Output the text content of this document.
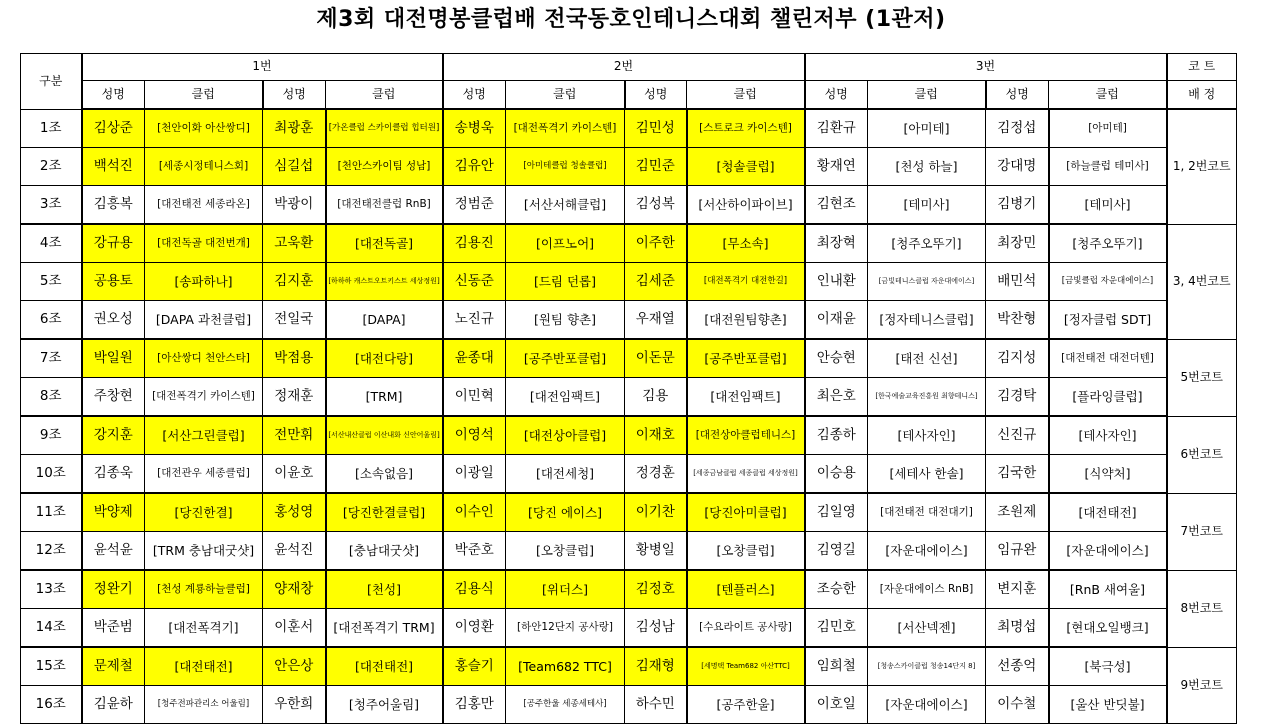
제3회 대전명봉클럽배 전국동호인테니스대회 챌린저부 (1관저)
구분	1번				2번				3번				코 트
	성명	클럽	성명	클럽	성명	클럽	성명	클럽	성명	클럽	성명	클럽	배 정
1조	김상준	[천안이화 아산쌍디]	최광훈	[가온클럽 스카이클럽 힙터원]	송병욱	[대전폭격기 카이스텐]	김민성	[스트로크 카이스텐]	김환규	[아미테]	김정섭	[아미테]	1, 2번코트
2조	백석진	[세종시정테니스회]	심길섭	[천안스카이팀 성남]	김유안	[아미테클럽 청솔클럽]	김민준	[청솔클럽]	황재연	[천성 하늘]	강대명	[하늘클럽 테미사]	
3조	김흥복	[대전태전 세종라온]	박광이	[대전태전클럽 RnB]	정범준	[서산서해클럽]	김성복	[서산하이파이브]	김현조	[테미사]	김병기	[테미사]	
4조	강규용	[대전독골 대전번개]	고욱환	[대전독골]	김용진	[이프노어]	이주한	[무소속]	최장혁	[청주오뚜기]	최장민	[청주오뚜기]	3, 4번코트
5조	공용토	[송파하나]	김지훈	[하하하 캐스트오트키스트 세상정원]	신동준	[드림 던롭]	김세준	[대전폭격기 대전한길]	인내환	[금빛테니스클럽 자운대에이스]	배민석	[금빛클럽 자운대에이스]	
6조	권오성	[DAPA 과천클럽]	전일국	[DAPA]	노진규	[원팀 향촌]	우재열	[대전원팀향촌]	이재윤	[정자테니스클럽]	박찬형	[정자클럽 SDT]	
7조	박일원	[아산쌍디 천안스타]	박점용	[대전다랑]	윤종대	[공주반포클럽]	이돈문	[공주반포클럽]	안승현	[태전 신선]	김지성	[대전태전 대전더텐]	5번코트
8조	주창현	[대전폭격기 카이스텐]	정재훈	[TRM]	이민혁	[대전임팩트]	김용	[대전임팩트]	최은호	[한국예술교육진흥원 최향테니스]	김경탁	[플라잉클럽]	
9조	강지훈	[서산그린클럽]	전만휘	[서산내산클럽 이산내화 신안어울림]	이영석	[대전상아클럽]	이재호	[대전상아클럽테니스]	김종하	[테사자인]	신진규	[테사자인]	6번코트
10조	김종욱	[대전관우 세종클럽]	이윤호	[소속없음]	이광일	[대전세청]	정경훈	[세종금남클럽 세종클럽 세상정원]	이승용	[세테사 한솔]	김국한	[식약처]	
11조	박양제	[당진한결]	홍성영	[당진한결클럽]	이수인	[당진 에이스]	이기찬	[당진아미클럽]	김일영	[대전태전 대전대기]	조원제	[대전태전]	7번코트
12조	윤석윤	[TRM 충남대굿샷]	윤석진	[충남대굿샷]	박준호	[오창클럽]	황병일	[오창클럽]	김영길	[자운대에이스]	임규완	[자운대에이스]	
13조	정완기	[천성 계룡하늘클럽]	양재창	[천성]	김용식	[위더스]	김정호	[텐플러스]	조승한	[자운대에이스 RnB]	변지훈	[RnB 새여울]	8번코트
14조	박준범	[대전폭격기]	이훈서	[대전폭격기 TRM]	이영환	[하안12단지 공사랑]	김성남	[수요라이트 공사랑]	김민호	[서산넥젠]	최명섭	[현대오일뱅크]	
15조	문제철	[대전태전]	안은상	[대전태전]	홍슬기	[Team682 TTC]	김재형	[세명택 Team682 아산TTC]	임희철	[청송스카이클럽 청송14단지 8]	선종억	[북극성]	9번코트
16조	김윤하	[청주전파관리소 어울림]	우한희	[청주어울림]	김홍만	[공주한울 세종세테사]	하수민	[공주한울]	이호일	[자운대에이스]	이수철	[울산 반딧불]	
